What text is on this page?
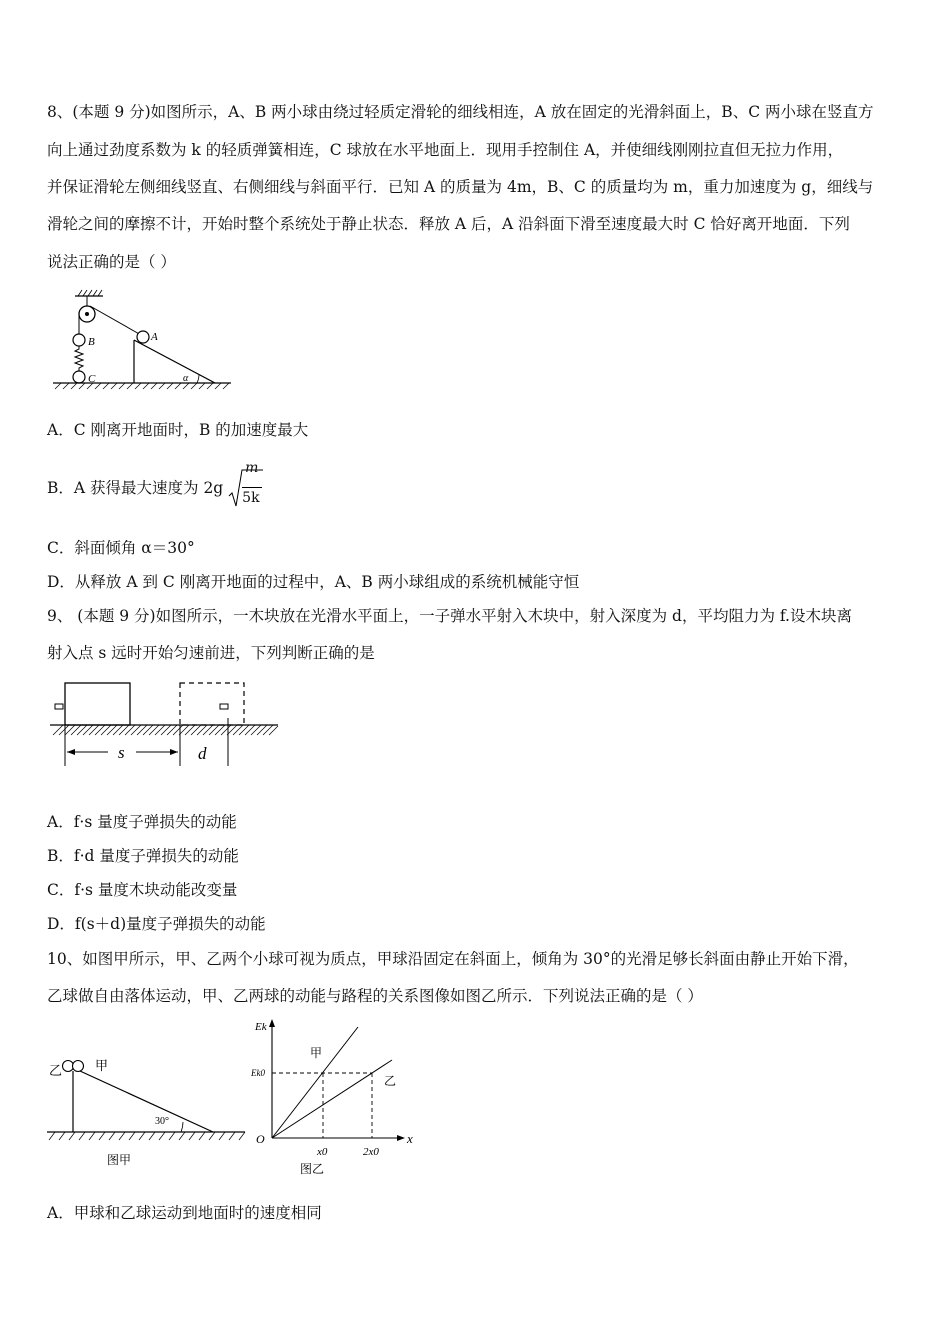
8、(本题 9 分)如图所示，A、B 两小球由绕过轻质定滑轮的细线相连，A 放在固定的光滑斜面上，B、C 两小球在竖直方
向上通过劲度系数为 k 的轻质弹簧相连，C 球放在水平地面上．现用手控制住 A，并使细线刚刚拉直但无拉力作用，
并保证滑轮左侧细线竖直、右侧细线与斜面平行．已知 A 的质量为 4m，B、C 的质量均为 m，重力加速度为 g，细线与
滑轮之间的摩擦不计，开始时整个系统处于静止状态．释放 A 后，A 沿斜面下滑至速度最大时 C 恰好离开地面．下列
说法正确的是（ ）
B
C	α
A
A．C 刚离开地面时，B 的加速度最大
B．A 获得最大速度为 $2g \frac{m}{5k}$
C．斜面倾角 α＝30°
D．从释放 A 到 C 刚离开地面的过程中，A、B 两小球组成的系统机械能守恒
9、 (本题 9 分)如图所示，一木块放在光滑水平面上，一子弹水平射入木块中，射入深度为 d，平均阻力为 f.设木块离
射入点 s 远时开始匀速前进，下列判断正确的是
s	d
A．f·s 量度子弹损失的动能
B．f·d 量度子弹损失的动能
C．f·s 量度木块动能改变量
D．f(s＋d)量度子弹损失的动能
10、如图甲所示，甲、乙两个小球可视为质点，甲球沿固定在斜面上，倾角为 30°的光滑足够长斜面由静止开始下滑，
乙球做自由落体运动，甲、乙两球的动能与路程的关系图像如图乙所示．下列说法正确的是（ ）
乙	甲
30°
图甲
Ek
x
O
Ek0
甲
乙
x0	2x0
图乙
A．甲球和乙球运动到地面时的速度相同
